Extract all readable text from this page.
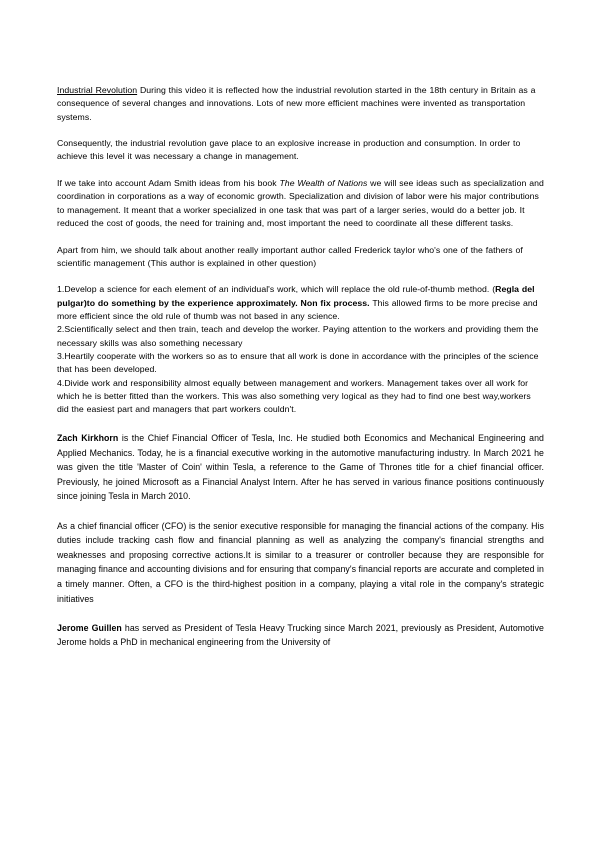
Industrial Revolution During this video it is reflected how the industrial revolution started in the 18th century in Britain as a consequence of several changes and innovations. Lots of new more efficient machines were invented as transportation systems.

Consequently, the industrial revolution gave place to an explosive increase in production and consumption. In order to achieve this level it was necessary a change in management.

If we take into account Adam Smith ideas from his book The Wealth of Nations we will see ideas such as specialization and coordination in corporations as a way of economic growth. Specialization and division of labor were his major contributions to management. It meant that a worker specialized in one task that was part of a larger series, would do a better job. It reduced the cost of goods, the need for training and, most important the need to coordinate all these different tasks.

Apart from him, we should talk about another really important author called Frederick taylor who's one of the fathers of scientific management (This author is explained in other question)

1.Develop a science for each element of an individual's work, which will replace the old rule-of-thumb method. (Regla del pulgar)to do something by the experience approximately. Non fix process. This allowed firms to be more precise and more efficient since the old rule of thumb was not based in any science.

2.Scientifically select and then train, teach and develop the worker. Paying attention to the workers and providing them the necessary skills was also something necessary

3.Heartily cooperate with the workers so as to ensure that all work is done in accordance with the principles of the science that has been developed.

4.Divide work and responsibility almost equally between management and workers. Management takes over all work for which he is better fitted than the workers. This was also something very logical as they had to find one best way,workers did the easiest part and managers that part workers couldn't.

Zach Kirkhorn is the Chief Financial Officer of Tesla, Inc. He studied both Economics and Mechanical Engineering and Applied Mechanics. Today, he is a financial executive working in the automotive manufacturing industry. In March 2021 he was given the title 'Master of Coin' within Tesla, a reference to the Game of Thrones title for a chief financial officer. Previously, he joined Microsoft as a Financial Analyst Intern. After he has served in various finance positions continuously since joining Tesla in March 2010.

As a chief financial officer (CFO) is the senior executive responsible for managing the financial actions of the company. His duties include tracking cash flow and financial planning as well as analyzing the company's financial strengths and weaknesses and proposing corrective actions.It is similar to a treasurer or controller because they are responsible for managing finance and accounting divisions and for ensuring that company's financial reports are accurate and completed in a timely manner. Often, a CFO is the third-highest position in a company, playing a vital role in the company's strategic initiatives

Jerome Guillen has served as President of Tesla Heavy Trucking since March 2021, previously as President, Automotive Jerome holds a PhD in mechanical engineering from the University of
